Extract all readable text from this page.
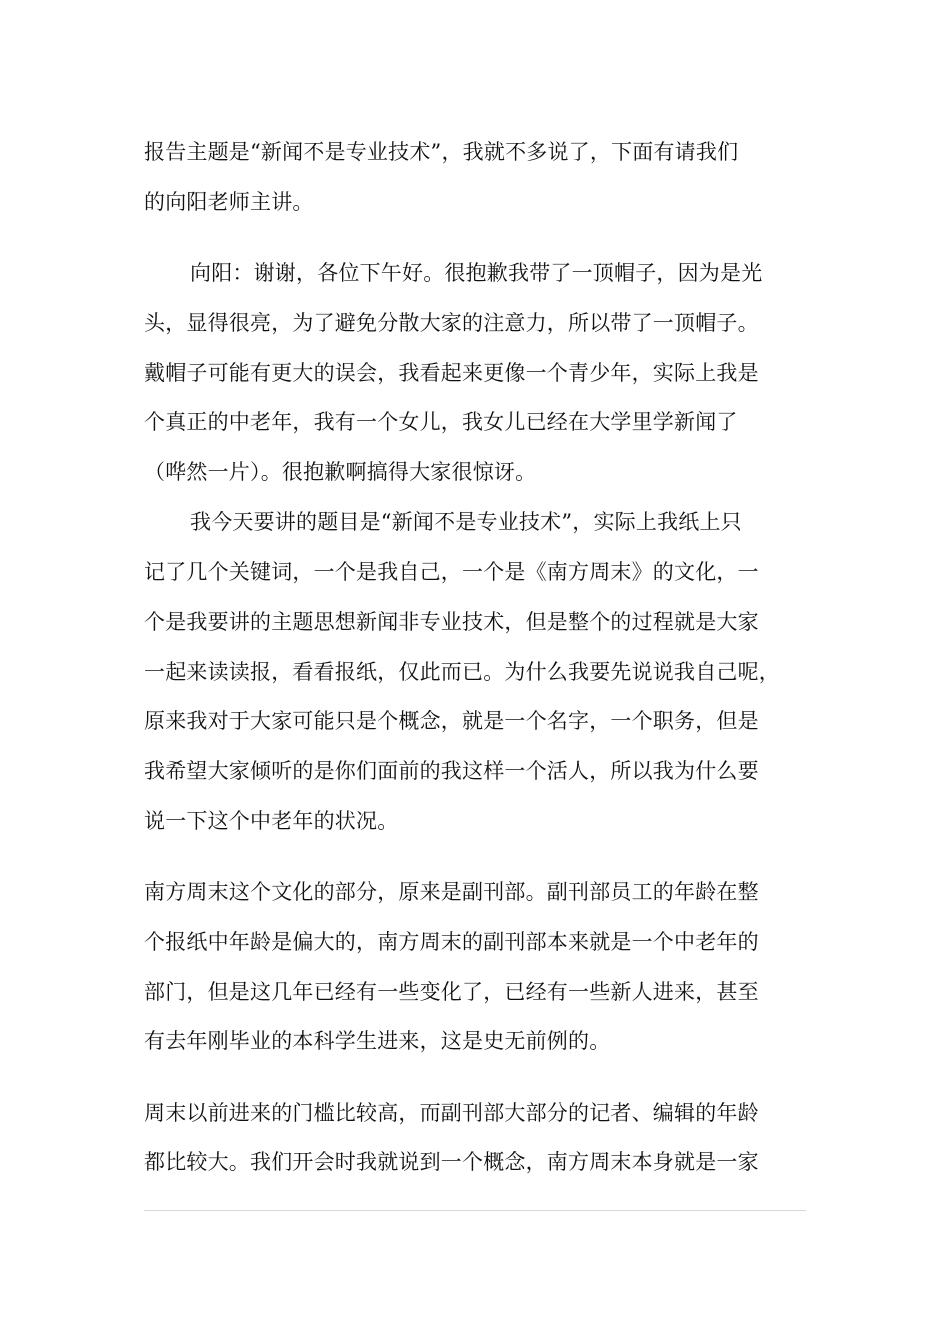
报告主题是“新闻不是专业技术”，我就不多说了，下面有请我们
的向阳老师主讲。
向阳：谢谢，各位下午好。很抱歉我带了一顶帽子，因为是光
头，显得很亮，为了避免分散大家的注意力，所以带了一顶帽子。
戴帽子可能有更大的误会，我看起来更像一个青少年，实际上我是
个真正的中老年，我有一个女儿，我女儿已经在大学里学新闻了
（哗然一片）。很抱歉啊搞得大家很惊讶。
我今天要讲的题目是“新闻不是专业技术”，实际上我纸上只
记了几个关键词，一个是我自己，一个是《南方周末》的文化，一
个是我要讲的主题思想新闻非专业技术，但是整个的过程就是大家
一起来读读报，看看报纸，仅此而已。为什么我要先说说我自己呢，
原来我对于大家可能只是个概念，就是一个名字，一个职务，但是
我希望大家倾听的是你们面前的我这样一个活人，所以我为什么要
说一下这个中老年的状况。
南方周末这个文化的部分，原来是副刊部。副刊部员工的年龄在整
个报纸中年龄是偏大的，南方周末的副刊部本来就是一个中老年的
部门，但是这几年已经有一些变化了，已经有一些新人进来，甚至
有去年刚毕业的本科学生进来，这是史无前例的。
周末以前进来的门槛比较高，而副刊部大部分的记者、编辑的年龄
都比较大。我们开会时我就说到一个概念，南方周末本身就是一家
